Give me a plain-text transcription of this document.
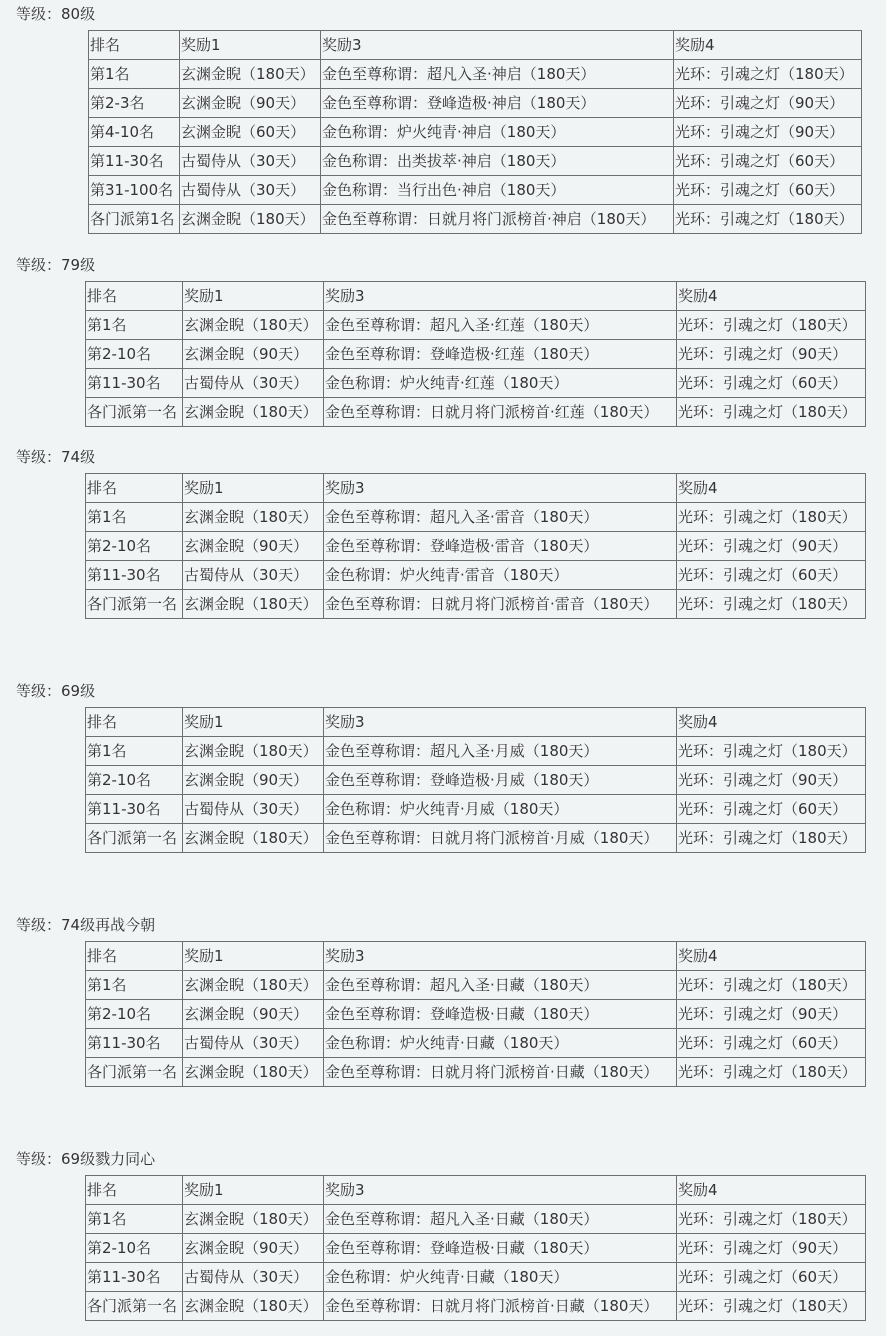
等级：80级
排名	奖励1	奖励3	奖励4
第1名	玄渊金睨（180天）	金色至尊称谓：超凡入圣·神启（180天）	光环：引魂之灯（180天）
第2-3名	玄渊金睨（90天）	金色至尊称谓：登峰造极·神启（180天）	光环：引魂之灯（90天）
第4-10名	玄渊金睨（60天）	金色称谓：炉火纯青·神启（180天）	光环：引魂之灯（90天）
第11-30名	古蜀侍从（30天）	金色称谓：出类拔萃·神启（180天）	光环：引魂之灯（60天）
第31-100名	古蜀侍从（30天）	金色称谓：当行出色·神启（180天）	光环：引魂之灯（60天）
各门派第1名	玄渊金睨（180天）	金色至尊称谓：日就月将门派榜首·神启（180天）	光环：引魂之灯（180天）
等级：79级
排名	奖励1	奖励3	奖励4
第1名	玄渊金睨（180天）	金色至尊称谓：超凡入圣·红莲（180天）	光环：引魂之灯（180天）
第2-10名	玄渊金睨（90天）	金色至尊称谓：登峰造极·红莲（180天）	光环：引魂之灯（90天）
第11-30名	古蜀侍从（30天）	金色称谓：炉火纯青·红莲（180天）	光环：引魂之灯（60天）
各门派第一名	玄渊金睨（180天）	金色至尊称谓：日就月将门派榜首·红莲（180天）	光环：引魂之灯（180天）
等级：74级
排名	奖励1	奖励3	奖励4
第1名	玄渊金睨（180天）	金色至尊称谓：超凡入圣·雷音（180天）	光环：引魂之灯（180天）
第2-10名	玄渊金睨（90天）	金色至尊称谓：登峰造极·雷音（180天）	光环：引魂之灯（90天）
第11-30名	古蜀侍从（30天）	金色称谓：炉火纯青·雷音（180天）	光环：引魂之灯（60天）
各门派第一名	玄渊金睨（180天）	金色至尊称谓：日就月将门派榜首·雷音（180天）	光环：引魂之灯（180天）
等级：69级
排名	奖励1	奖励3	奖励4
第1名	玄渊金睨（180天）	金色至尊称谓：超凡入圣·月威（180天）	光环：引魂之灯（180天）
第2-10名	玄渊金睨（90天）	金色至尊称谓：登峰造极·月威（180天）	光环：引魂之灯（90天）
第11-30名	古蜀侍从（30天）	金色称谓：炉火纯青·月威（180天）	光环：引魂之灯（60天）
各门派第一名	玄渊金睨（180天）	金色至尊称谓：日就月将门派榜首·月威（180天）	光环：引魂之灯（180天）
等级：74级再战今朝
排名	奖励1	奖励3	奖励4
第1名	玄渊金睨（180天）	金色至尊称谓：超凡入圣·日藏（180天）	光环：引魂之灯（180天）
第2-10名	玄渊金睨（90天）	金色至尊称谓：登峰造极·日藏（180天）	光环：引魂之灯（90天）
第11-30名	古蜀侍从（30天）	金色称谓：炉火纯青·日藏（180天）	光环：引魂之灯（60天）
各门派第一名	玄渊金睨（180天）	金色至尊称谓：日就月将门派榜首·日藏（180天）	光环：引魂之灯（180天）
等级：69级戮力同心
排名	奖励1	奖励3	奖励4
第1名	玄渊金睨（180天）	金色至尊称谓：超凡入圣·日藏（180天）	光环：引魂之灯（180天）
第2-10名	玄渊金睨（90天）	金色至尊称谓：登峰造极·日藏（180天）	光环：引魂之灯（90天）
第11-30名	古蜀侍从（30天）	金色称谓：炉火纯青·日藏（180天）	光环：引魂之灯（60天）
各门派第一名	玄渊金睨（180天）	金色至尊称谓：日就月将门派榜首·日藏（180天）	光环：引魂之灯（180天）
